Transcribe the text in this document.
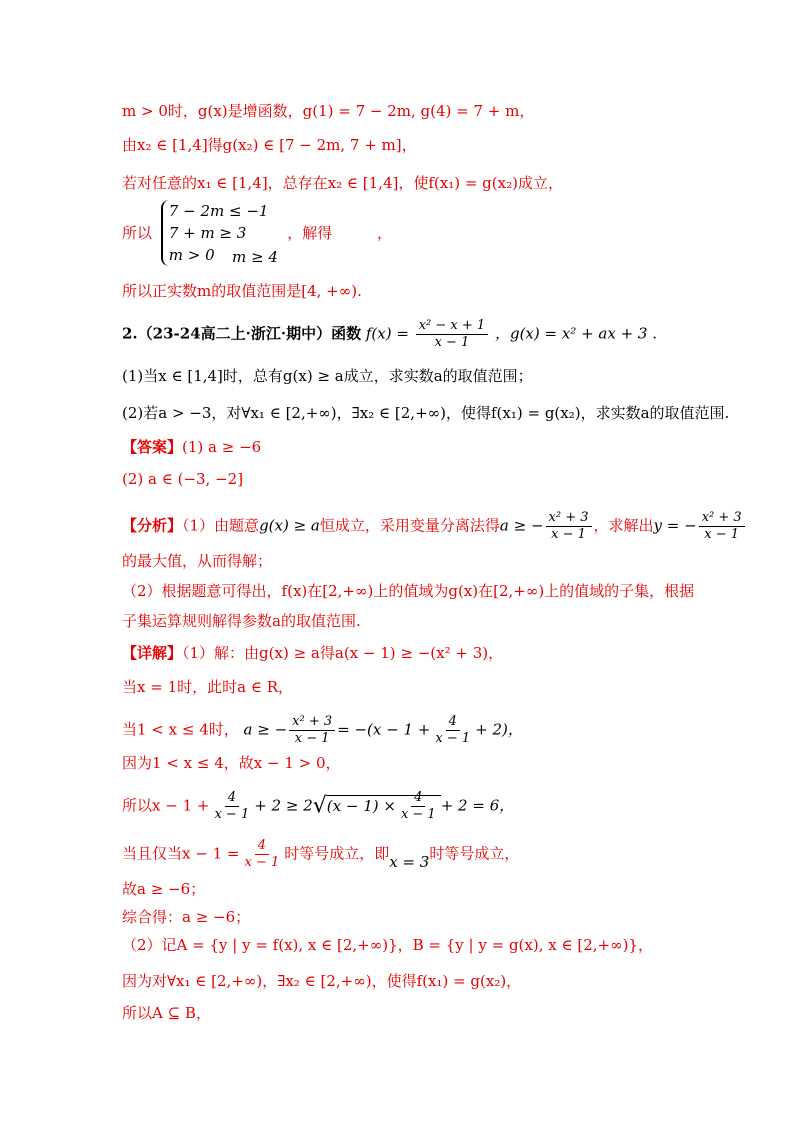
m > 0时，g(x)是增函数，g(1) = 7 − 2m, g(4) = 7 + m，
由x₂ ∈ [1,4]得g(x₂) ∈ [7 − 2m, 7 + m]，
若对任意的x₁ ∈ [1,4]，总存在x₂ ∈ [1,4]，使f(x₁) = g(x₂)成立，
所以
7 − 2m ≤ −1
7 + m ≥ 3
m > 0
，解得
m ≥ 4
，
所以正实数m的取值范围是[4, +∞).
2.（23-24高二上·浙江·期中）函数 $f(x) = \frac{\text{x² − x + 1}}{x - 1}$ ，g(x) = x² + ax + 3 .
(1)当x ∈ [1,4]时，总有g(x) ≥ a成立，求实数a的取值范围；
(2)若a > −3，对∀x₁ ∈ [2,+∞)，∃x₂ ∈ [2,+∞)，使得f(x₁) = g(x₂)，求实数a的取值范围.
【答案】(1) a ≥ −6
(2) a ∈ (−3, −2]
【分析】（1）由题意g(x) ≥ a恒成立，采用变量分离法得a ≥ − $\frac{\text{x² + 3}}{x - 1}$ ，求解出y = − $\frac{\text{x² + 3}}{x - 1}$
的最大值，从而得解；
（2）根据题意可得出，f(x)在[2,+∞)上的值域为g(x)在[2,+∞)上的值域的子集，根据
子集运算规则解得参数a的取值范围.
【详解】（1）解：由g(x) ≥ a得a(x − 1) ≥ −(x² + 3)，
当x = 1时，此时a ∈ R，
当1 < x ≤ 4时， a ≥ − $\frac{\text{x² + 3}}{x - 1} = -(x - 1 + \frac{4}{x - 1} + 2)$，
因为1 < x ≤ 4，故x − 1 > 0，
所以$x - 1 + \frac{4}{x - 1} + 2 \ge 2√(x - 1) \times \frac{4}{x - 1} + 2 = 6$，
当且仅当$x - 1 = \frac{4}{x - 1}$ 时等号成立，即x = 3时等号成立，
故a ≥ −6；
综合得：a ≥ −6；
（2）记A = {y | y = f(x), x ∈ [2,+∞)}，B = {y | y = g(x), x ∈ [2,+∞)}，
因为对∀x₁ ∈ [2,+∞)，∃x₂ ∈ [2,+∞)，使得f(x₁) = g(x₂)，
所以A ⊆ B，
